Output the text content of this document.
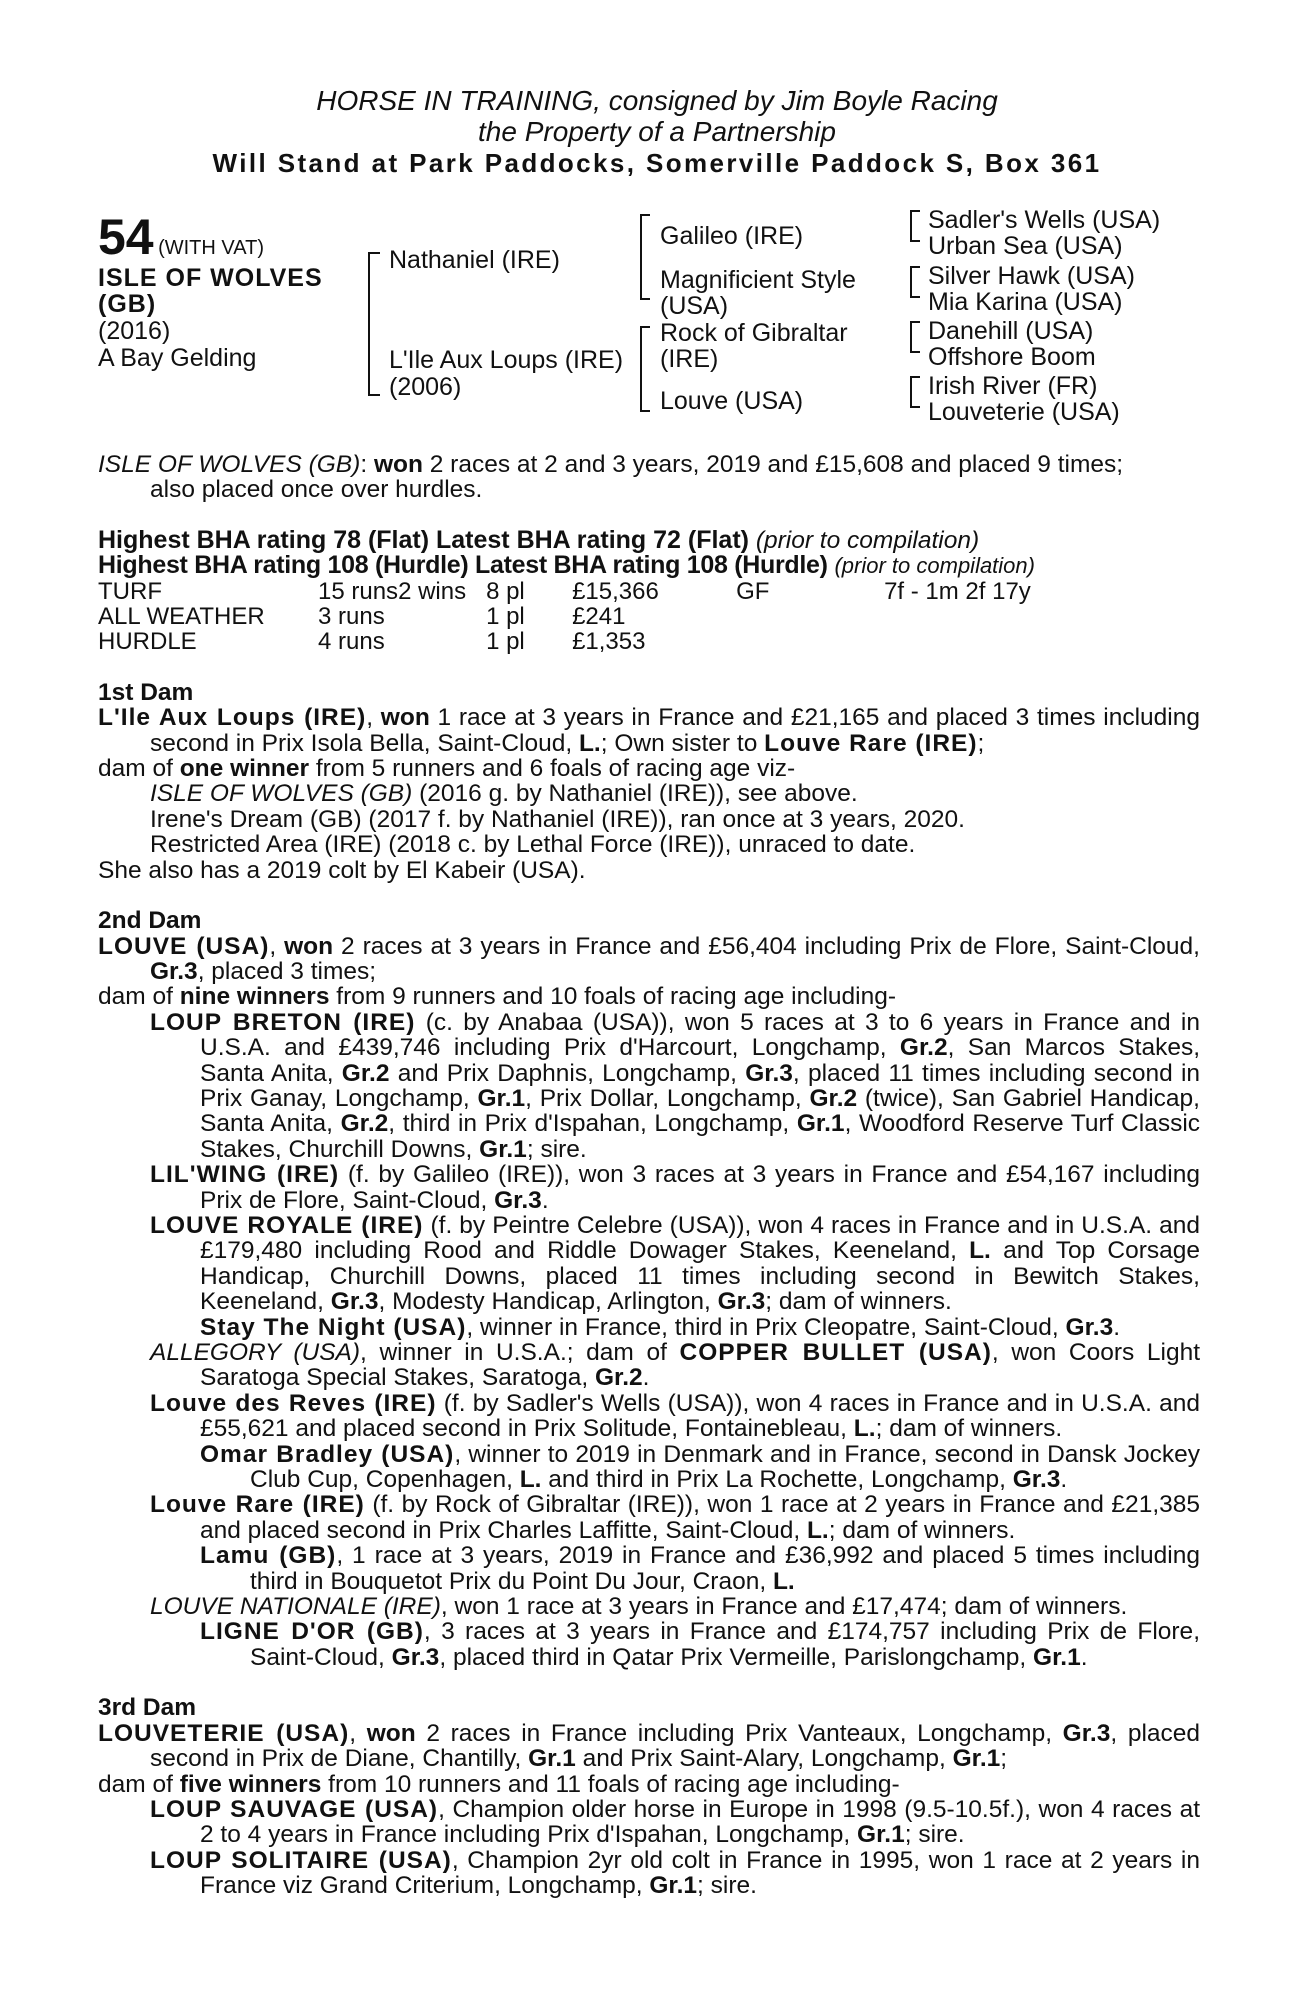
HORSE IN TRAINING, consigned by Jim Boyle Racing
the Property of a Partnership
Will Stand at Park Paddocks, Somerville Paddock S, Box 361
54 (WITH VAT)
ISLE OF WOLVES
(GB)
(2016)
A Bay Gelding
Nathaniel (IRE)
L'Ile Aux Loups (IRE)
(2006)
Galileo (IRE)
Magnificient Style
(USA)
Rock of Gibraltar
(IRE)
Louve (USA)
Sadler's Wells (USA)
Urban Sea (USA)
Silver Hawk (USA)
Mia Karina (USA)
Danehill (USA)
Offshore Boom
Irish River (FR)
Louveterie (USA)

ISLE OF WOLVES (GB): won 2 races at 2 and 3 years, 2019 and £15,608 and placed 9 times;
also placed once over hurdles.

Highest BHA rating 78 (Flat) Latest BHA rating 72 (Flat) (prior to compilation)

Highest BHA rating 108 (Hurdle) Latest BHA rating 108 (Hurdle) (prior to compilation)

TURF	15 runs	2 wins	8 pl	£15,366	GF	7f - 1m 2f 17y
ALL WEATHER	3 runs		1 pl	£241		
HURDLE	4 runs		1 pl	£1,353		

1st Dam

L'Ile Aux Loups (IRE), won 1 race at 3 years in France and £21,165 and placed 3 times including second in Prix Isola Bella, Saint-Cloud, L.; Own sister to Louve Rare (IRE);

dam of one winner from 5 runners and 6 foals of racing age viz-

ISLE OF WOLVES (GB) (2016 g. by Nathaniel (IRE)), see above.

Irene's Dream (GB) (2017 f. by Nathaniel (IRE)), ran once at 3 years, 2020.

Restricted Area (IRE) (2018 c. by Lethal Force (IRE)), unraced to date.

She also has a 2019 colt by El Kabeir (USA).

2nd Dam

LOUVE (USA), won 2 races at 3 years in France and £56,404 including Prix de Flore, Saint-Cloud, Gr.3, placed 3 times;

dam of nine winners from 9 runners and 10 foals of racing age including-

LOUP BRETON (IRE) (c. by Anabaa (USA)), won 5 races at 3 to 6 years in France and in U.S.A. and £439,746 including Prix d'Harcourt, Longchamp, Gr.2, San Marcos Stakes, Santa Anita, Gr.2 and Prix Daphnis, Longchamp, Gr.3, placed 11 times including second in Prix Ganay, Longchamp, Gr.1, Prix Dollar, Longchamp, Gr.2 (twice), San Gabriel Handicap, Santa Anita, Gr.2, third in Prix d'Ispahan, Longchamp, Gr.1, Woodford Reserve Turf Classic Stakes, Churchill Downs, Gr.1; sire.

LIL'WING (IRE) (f. by Galileo (IRE)), won 3 races at 3 years in France and £54,167 including Prix de Flore, Saint-Cloud, Gr.3.

LOUVE ROYALE (IRE) (f. by Peintre Celebre (USA)), won 4 races in France and in U.S.A. and £179,480 including Rood and Riddle Dowager Stakes, Keeneland, L. and Top Corsage Handicap, Churchill Downs, placed 11 times including second in Bewitch Stakes, Keeneland, Gr.3, Modesty Handicap, Arlington, Gr.3; dam of winners.

Stay The Night (USA), winner in France, third in Prix Cleopatre, Saint-Cloud, Gr.3.

ALLEGORY (USA), winner in U.S.A.; dam of COPPER BULLET (USA), won Coors Light Saratoga Special Stakes, Saratoga, Gr.2.

Louve des Reves (IRE) (f. by Sadler's Wells (USA)), won 4 races in France and in U.S.A. and £55,621 and placed second in Prix Solitude, Fontainebleau, L.; dam of winners.

Omar Bradley (USA), winner to 2019 in Denmark and in France, second in Dansk Jockey Club Cup, Copenhagen, L. and third in Prix La Rochette, Longchamp, Gr.3.

Louve Rare (IRE) (f. by Rock of Gibraltar (IRE)), won 1 race at 2 years in France and £21,385 and placed second in Prix Charles Laffitte, Saint-Cloud, L.; dam of winners.

Lamu (GB), 1 race at 3 years, 2019 in France and £36,992 and placed 5 times including third in Bouquetot Prix du Point Du Jour, Craon, L.

LOUVE NATIONALE (IRE), won 1 race at 3 years in France and £17,474; dam of winners.

LIGNE D'OR (GB), 3 races at 3 years in France and £174,757 including Prix de Flore, Saint-Cloud, Gr.3, placed third in Qatar Prix Vermeille, Parislongchamp, Gr.1.

3rd Dam

LOUVETERIE (USA), won 2 races in France including Prix Vanteaux, Longchamp, Gr.3, placed second in Prix de Diane, Chantilly, Gr.1 and Prix Saint-Alary, Longchamp, Gr.1;

dam of five winners from 10 runners and 11 foals of racing age including-

LOUP SAUVAGE (USA), Champion older horse in Europe in 1998 (9.5-10.5f.), won 4 races at 2 to 4 years in France including Prix d'Ispahan, Longchamp, Gr.1; sire.

LOUP SOLITAIRE (USA), Champion 2yr old colt in France in 1995, won 1 race at 2 years in France viz Grand Criterium, Longchamp, Gr.1; sire.
